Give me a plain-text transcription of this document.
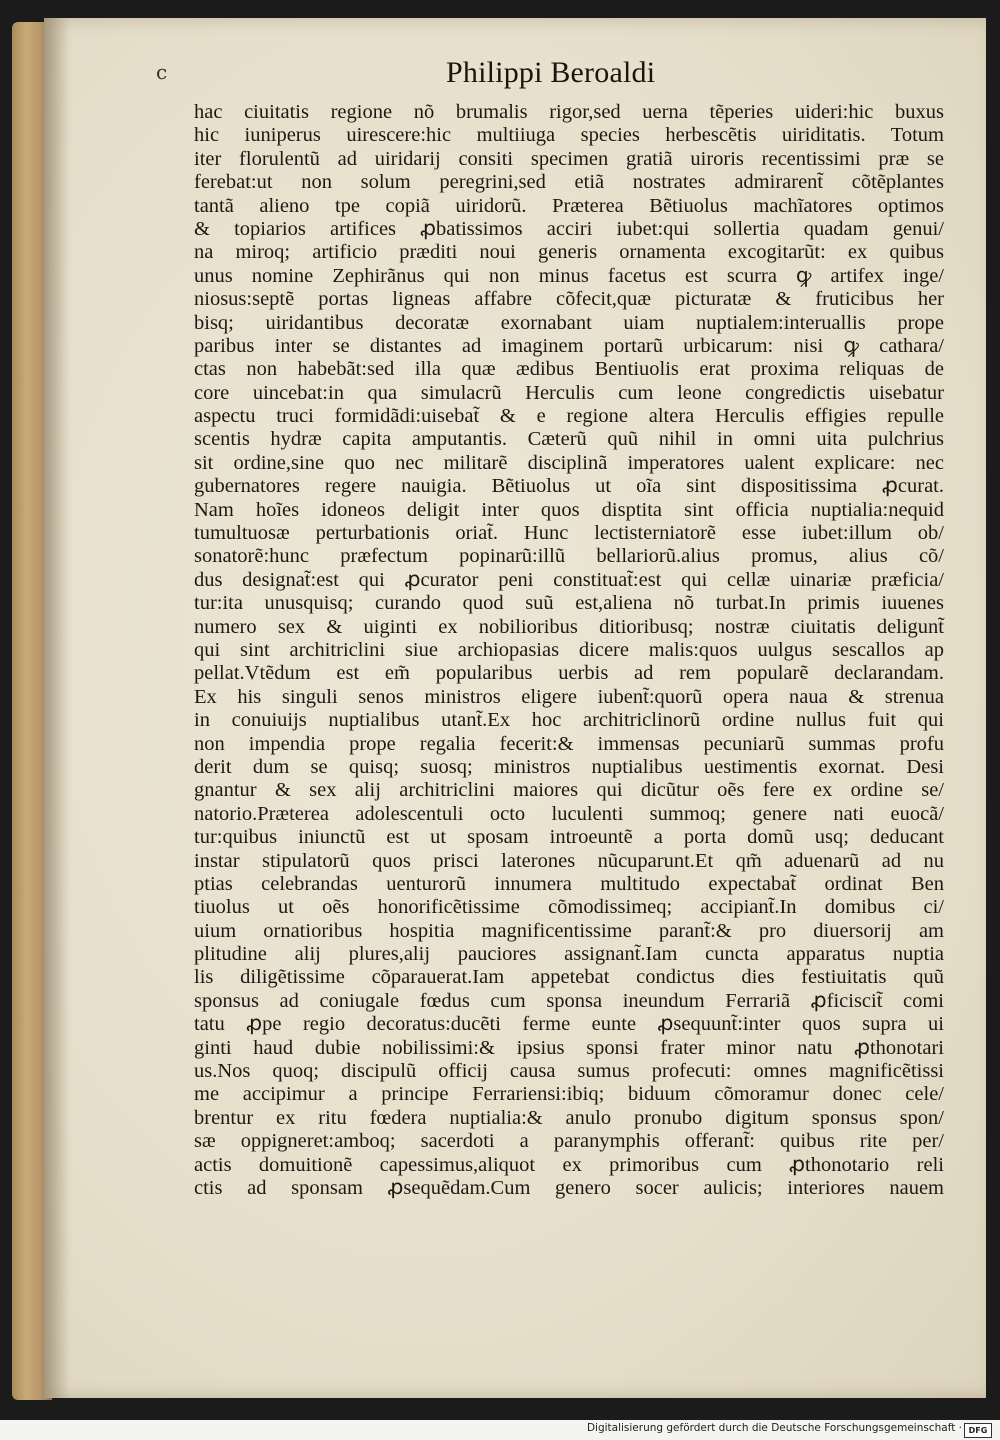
c	Philippi Beroaldi
hac ciuitatis regione nõ brumalis rigor,sed uerna tẽperies uideri:hic buxus
hic iuniperus uirescere:hic multiiuga species herbescẽtis uiriditatis. Totum
iter florulentũ ad uiridarij consiti specimen gratiã uiroris recentissimi præ se
ferebat:ut non solum peregrini,sed etiã nostrates admirarent̃ cõtẽplantes
tantã alieno tpe copiã uiridorũ. Præterea Bẽtiuolus machĩatores optimos
& topiarios artifices ꝓbatissimos acciri iubet:qui sollertia quadam genui/
na miroq; artificio præditi noui generis ornamenta excogitarũt: ex quibus
unus nomine Zephirãnus qui non minus facetus est scurra ꝙ artifex inge/
niosus:septẽ portas ligneas affabre cõfecit,quæ picturatæ & fruticibus her
bisq; uiridantibus decoratæ exornabant uiam nuptialem:interuallis prope
paribus inter se distantes ad imaginem portarũ urbicarum: nisi ꝙ cathara/
ctas non habebãt:sed illa quæ ædibus Bentiuolis erat proxima reliquas de
core uincebat:in qua simulacrũ Herculis cum leone congredictis uisebatur
aspectu truci formidãdi:uisebat̃ & e regione altera Herculis effigies repulle
scentis hydræ capita amputantis. Cæterũ quũ nihil in omni uita pulchrius
sit ordine,sine quo nec militarẽ disciplinã imperatores ualent explicare: nec
gubernatores regere nauigia. Bẽtiuolus ut oĩa sint dispositissima ꝓcurat.
Nam hoĩes idoneos deligit inter quos disptita sint officia nuptialia:nequid
tumultuosæ perturbationis oriat̃. Hunc lectisterniatorẽ esse iubet:illum ob/
sonatorẽ:hunc præfectum popinarũ:illũ bellariorũ.alius promus, alius cõ/
dus designat̃:est qui ꝓcurator peni constituat̃:est qui cellæ uinariæ præficia/
tur:ita unusquisq; curando quod suũ est,aliena nõ turbat.In primis iuuenes
numero sex & uiginti ex nobilioribus ditioribusq; nostræ ciuitatis deligunt̃
qui sint architriclini siue archiopasias dicere malis:quos uulgus sescallos ap
pellat.Vtẽdum est em̃ popularibus uerbis ad rem popularẽ declarandam.
Ex his singuli senos ministros eligere iubent̃:quorũ opera naua & strenua
in conuiuijs nuptialibus utant̃.Ex hoc architriclinorũ ordine nullus fuit qui
non impendia prope regalia fecerit:& immensas pecuniarũ summas profu
derit dum se quisq; suosq; ministros nuptialibus uestimentis exornat. Desi
gnantur & sex alij architriclini maiores qui dicũtur oẽs fere ex ordine se/
natorio.Præterea adolescentuli octo luculenti summoq; genere nati euocã/
tur:quibus iniunctũ est ut sposam introeuntẽ a porta domũ usq; deducant
instar stipulatorũ quos prisci laterones nũcuparunt.Et qm̃ aduenarũ ad nu
ptias celebrandas uenturorũ innumera multitudo expectabat̃ ordinat Ben
tiuolus ut oẽs honorificẽtissime cõmodissimeq; accipiant̃.In domibus ci/
uium ornatioribus hospitia magnificentissime parant̃:& pro diuersorij am
plitudine alij plures,alij pauciores assignant̃.Iam cuncta apparatus nuptia
lis diligẽtissime cõparauerat.Iam appetebat condictus dies festiuitatis quũ
sponsus ad coniugale fœdus cum sponsa ineundum Ferrariã ꝓficiscit̃ comi
tatu ꝓpe regio decoratus:ducẽti ferme eunte ꝓsequunt̃:inter quos supra ui
ginti haud dubie nobilissimi:& ipsius sponsi frater minor natu ꝓthonotari
us.Nos quoq; discipulũ officij causa sumus profecuti: omnes magnificẽtissi
me accipimur a principe Ferrariensi:ibiq; biduum cõmoramur donec cele/
brentur ex ritu fœdera nuptialia:& anulo pronubo digitum sponsus spon/
sæ oppigneret:amboq; sacerdoti a paranymphis offerant̃: quibus rite per/
actis domuitionẽ capessimus,aliquot ex primoribus cum ꝓthonotario reli
ctis ad sponsam ꝓsequẽdam.Cum genero socer aulicis; interiores nauem
Digitalisierung gefördert durch die Deutsche Forschungsgemeinschaft · DFG
